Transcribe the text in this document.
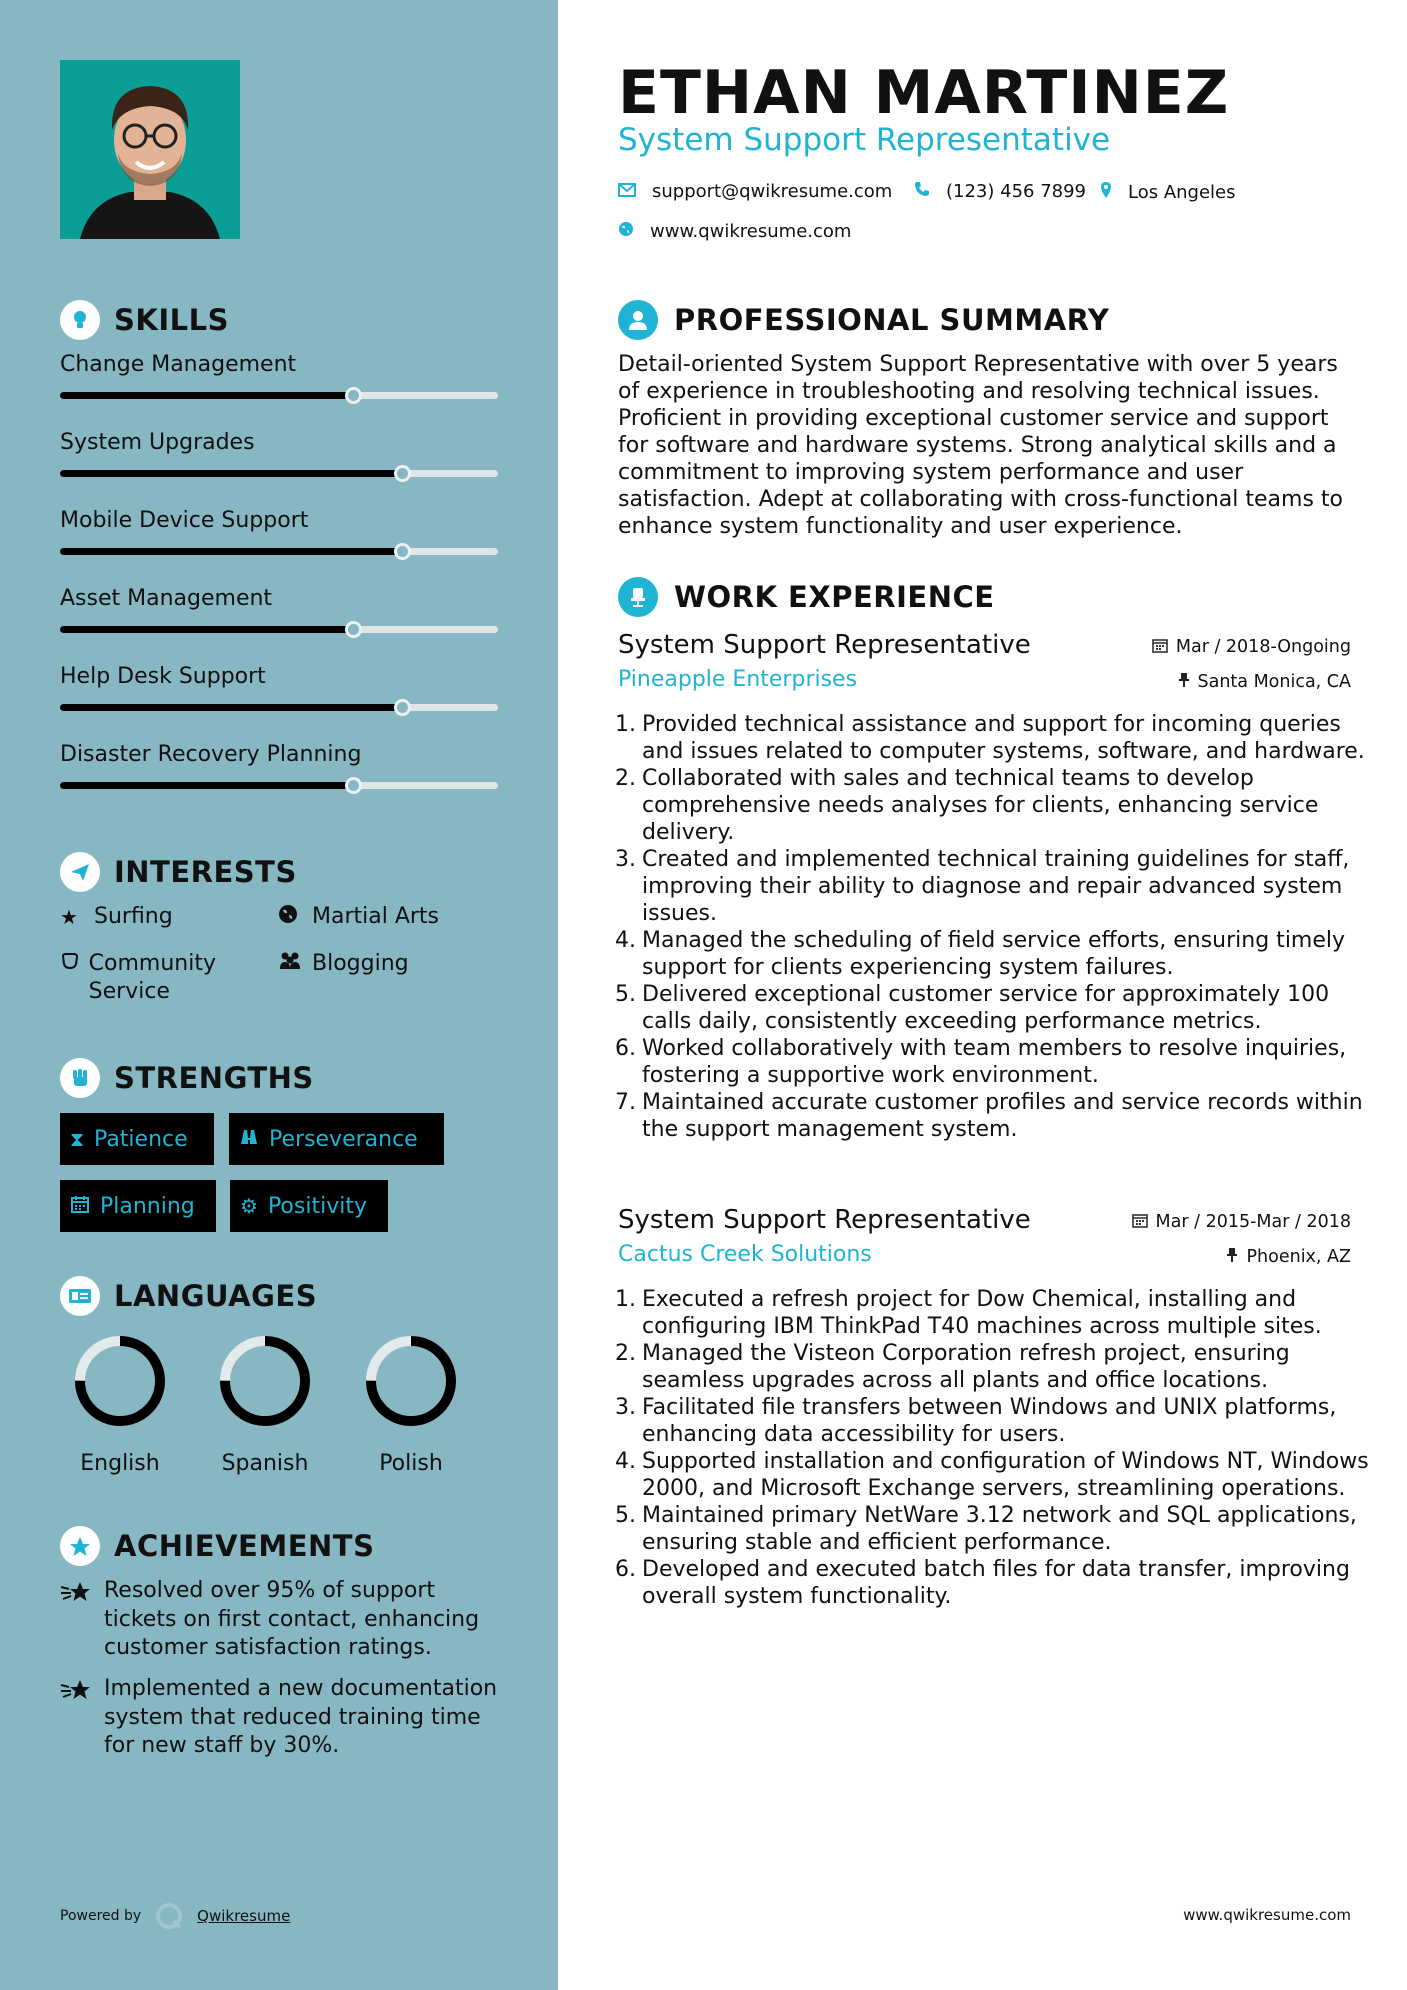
SKILLS
Change Management
System Upgrades
Mobile Device Support
Asset Management
Help Desk Support
Disaster Recovery Planning
INTERESTS
★ Surfing	Martial Arts
Community Service
Blogging
STRENGTHS
⧗ Patience	Perseverance
Planning ⚙ Positivity
LANGUAGES
English	Spanish	Polish
ACHIEVEMENTS
Resolved over 95% of support tickets on first contact, enhancing customer satisfaction ratings.
Implemented a new documentation system that reduced training time for new staff by 30%.
Powered by	Qwikresume
ETHAN MARTINEZ
System Support Representative
support@qwikresume.com	(123) 456 7899 Los Angeles
www.qwikresume.com
PROFESSIONAL SUMMARY
Detail-oriented System Support Representative with over 5 years of experience in troubleshooting and resolving technical issues. Proficient in providing exceptional customer service and support for software and hardware systems. Strong analytical skills and a commitment to improving system performance and user satisfaction. Adept at collaborating with cross-functional teams to enhance system functionality and user experience.
WORK EXPERIENCE
System Support Representative
Pineapple Enterprises
Mar / 2018-Ongoing
Santa Monica, CA
1. Provided technical assistance and support for incoming queries and issues related to computer systems, software, and hardware.
2. Collaborated with sales and technical teams to develop comprehensive needs analyses for clients, enhancing service delivery.
3. Created and implemented technical training guidelines for staff, improving their ability to diagnose and repair advanced system issues.
4. Managed the scheduling of field service efforts, ensuring timely support for clients experiencing system failures.
5. Delivered exceptional customer service for approximately 100 calls daily, consistently exceeding performance metrics.
6. Worked collaboratively with team members to resolve inquiries, fostering a supportive work environment.
7. Maintained accurate customer profiles and service records within the support management system.
System Support Representative
Cactus Creek Solutions
Mar / 2015-Mar / 2018
Phoenix, AZ
1. Executed a refresh project for Dow Chemical, installing and configuring IBM ThinkPad T40 machines across multiple sites.
2. Managed the Visteon Corporation refresh project, ensuring seamless upgrades across all plants and office locations.
3. Facilitated file transfers between Windows and UNIX platforms, enhancing data accessibility for users.
4. Supported installation and configuration of Windows NT, Windows 2000, and Microsoft Exchange servers, streamlining operations.
5. Maintained primary NetWare 3.12 network and SQL applications, ensuring stable and efficient performance.
6. Developed and executed batch files for data transfer, improving overall system functionality.
www.qwikresume.com
